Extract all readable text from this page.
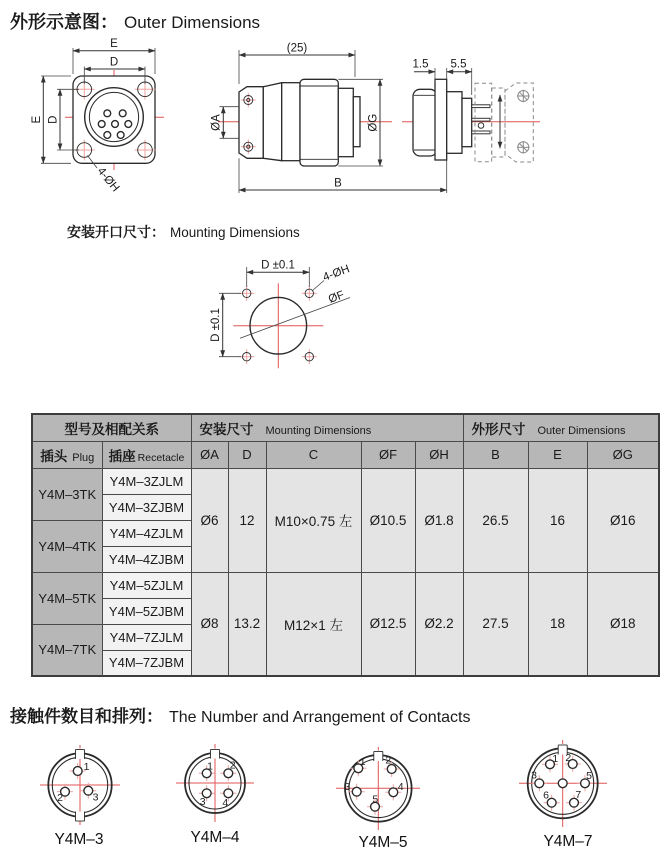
外形示意图： Outer Dimensions
安装开口尺寸： Mounting Dimensions
接触件数目和排列： The Number and Arrangement of Contacts
E
D
E D
4-ØH
(25)
ØA	ØG
B
1.5 5.5
D ±0.1
D ±0.1
4-ØH
ØF
型号及相配关系		安装尺寸 Mounting Dimensions					外形尺寸 Outer Dimensions		
插头 Plug	插座 Recetacle	ØA	D	C	ØF	ØH	B	E	ØG
Y4M–3TK	Y4M–3ZJLM	Ø6	12	M10×0.75 左	Ø10.5	Ø1.8	26.5	16	Ø16
	Y4M–3ZJBM								
Y4M–4TK	Y4M–4ZJLM								
	Y4M–4ZJBM								
Y4M–5TK	Y4M–5ZJLM	Ø8	13.2	M12×1 左	Ø12.5	Ø2.2	27.5	18	Ø18
	Y4M–5ZJBM								
Y4M–7TK	Y4M–7ZJLM								
	Y4M–7ZJBM								
1
2	3
Y4M–3
1 2
3 4
Y4M–4
1 2
3	4
5
Y4M–5
1 2
3	5
6	7
Y4M–7
